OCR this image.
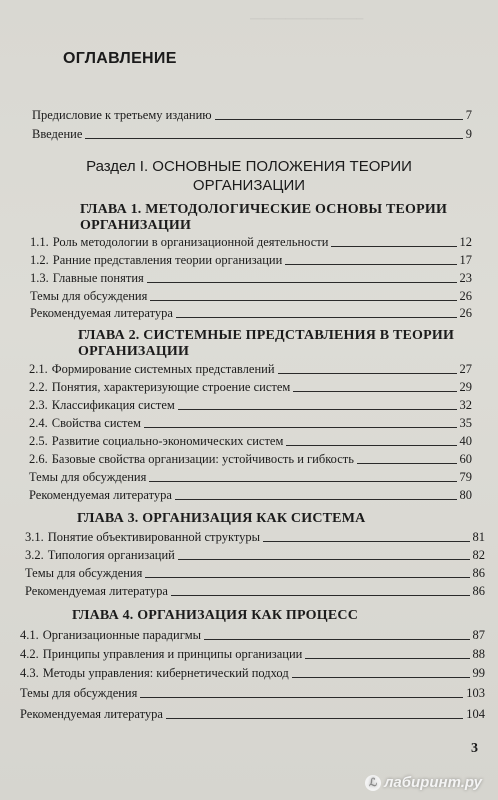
────────────────
ОГЛАВЛЕНИЕ
Предисловие к третьему изданию	7
Введение	9
Раздел I. ОСНОВНЫЕ ПОЛОЖЕНИЯ ТЕОРИИ
ОРГАНИЗАЦИИ
ГЛАВА 1. МЕТОДОЛОГИЧЕСКИЕ ОСНОВЫ ТЕОРИИ
ОРГАНИЗАЦИИ
1.1. Роль методологии в организационной деятельности	12
1.2. Ранние представления теории организации	17
1.3. Главные понятия	23
Темы для обсуждения	26
Рекомендуемая литература	26
ГЛАВА 2. СИСТЕМНЫЕ ПРЕДСТАВЛЕНИЯ В ТЕОРИИ
ОРГАНИЗАЦИИ
2.1. Формирование системных представлений	27
2.2. Понятия, характеризующие строение систем	29
2.3. Классификация систем	32
2.4. Свойства систем	35
2.5. Развитие социально-экономических систем	40
2.6. Базовые свойства организации: устойчивость и гибкость	60
Темы для обсуждения	79
Рекомендуемая литература	80
ГЛАВА 3. ОРГАНИЗАЦИЯ КАК СИСТЕМА
3.1. Понятие объективированной структуры	81
3.2. Типология организаций	82
Темы для обсуждения	86
Рекомендуемая литература	86
ГЛАВА 4. ОРГАНИЗАЦИЯ КАК ПРОЦЕСС
4.1. Организационные парадигмы	87
4.2. Принципы управления и принципы организации	88
4.3. Методы управления: кибернетический подход	99
Темы для обсуждения	103
Рекомендуемая литература	104
3
ℒ лабиринт.ру
